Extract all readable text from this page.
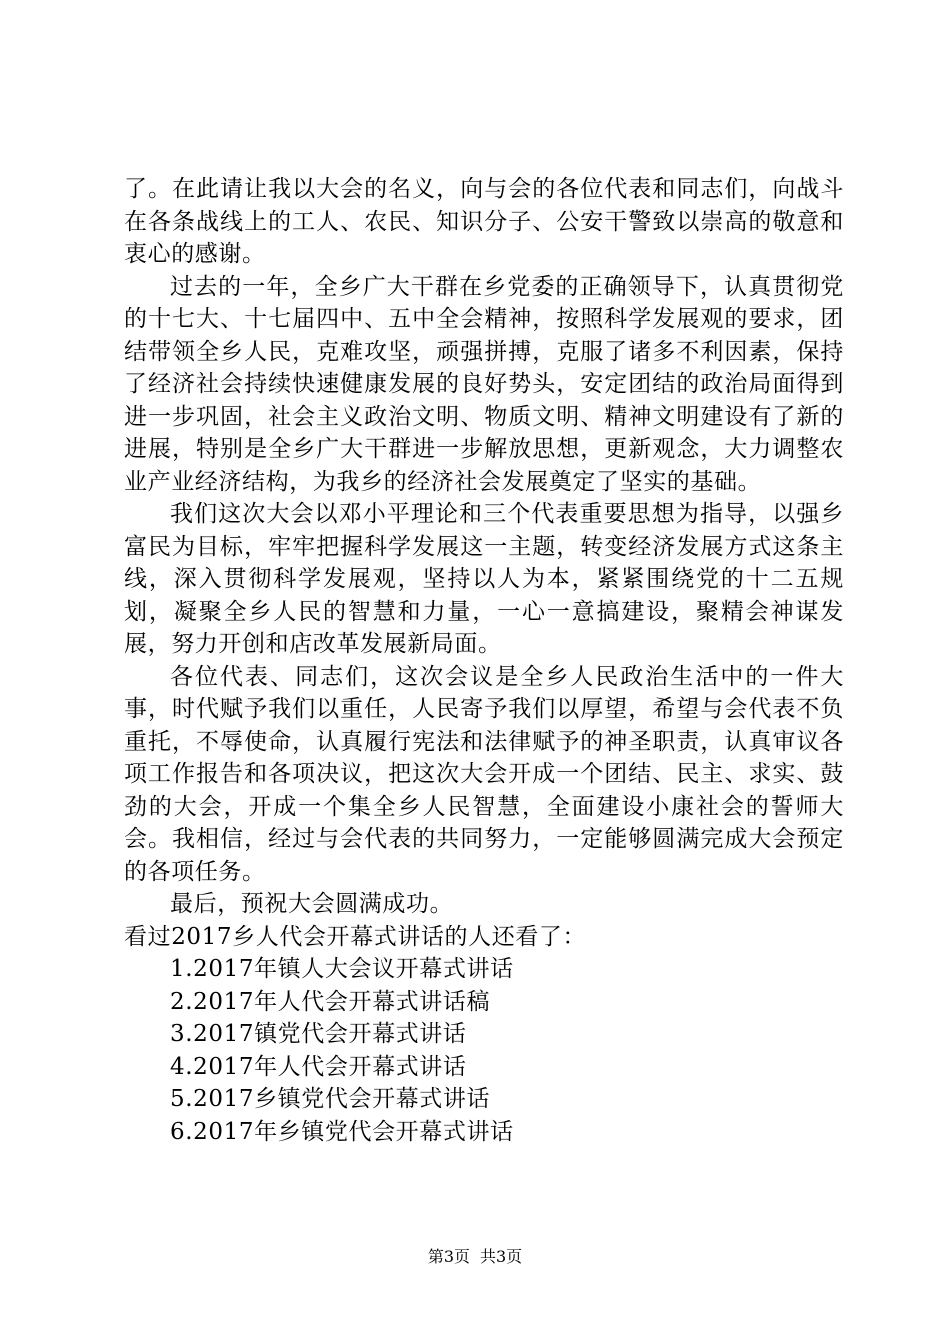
了。在此请让我以大会的名义，向与会的各位代表和同志们，向战斗在各条战线上的工人、农民、知识分子、公安干警致以崇高的敬意和衷心的感谢。

过去的一年，全乡广大干群在乡党委的正确领导下，认真贯彻党的十七大、十七届四中、五中全会精神，按照科学发展观的要求，团结带领全乡人民，克难攻坚，顽强拼搏，克服了诸多不利因素，保持了经济社会持续快速健康发展的良好势头，安定团结的政治局面得到进一步巩固，社会主义政治文明、物质文明、精神文明建设有了新的进展，特别是全乡广大干群进一步解放思想，更新观念，大力调整农业产业经济结构，为我乡的经济社会发展奠定了坚实的基础。

我们这次大会以邓小平理论和三个代表重要思想为指导，以强乡富民为目标，牢牢把握科学发展这一主题，转变经济发展方式这条主线，深入贯彻科学发展观，坚持以人为本，紧紧围绕党的十二五规划，凝聚全乡人民的智慧和力量，一心一意搞建设，聚精会神谋发展，努力开创和店改革发展新局面。

各位代表、同志们，这次会议是全乡人民政治生活中的一件大事，时代赋予我们以重任，人民寄予我们以厚望，希望与会代表不负重托，不辱使命，认真履行宪法和法律赋予的神圣职责，认真审议各项工作报告和各项决议，把这次大会开成一个团结、民主、求实、鼓劲的大会，开成一个集全乡人民智慧，全面建设小康社会的誓师大会。我相信，经过与会代表的共同努力，一定能够圆满完成大会预定的各项任务。

最后，预祝大会圆满成功。

看过2017乡人代会开幕式讲话的人还看了：

1.2017年镇人大会议开幕式讲话
2.2017年人代会开幕式讲话稿
3.2017镇党代会开幕式讲话
4.2017年人代会开幕式讲话
5.2017乡镇党代会开幕式讲话
6.2017年乡镇党代会开幕式讲话
第3页 共3页
